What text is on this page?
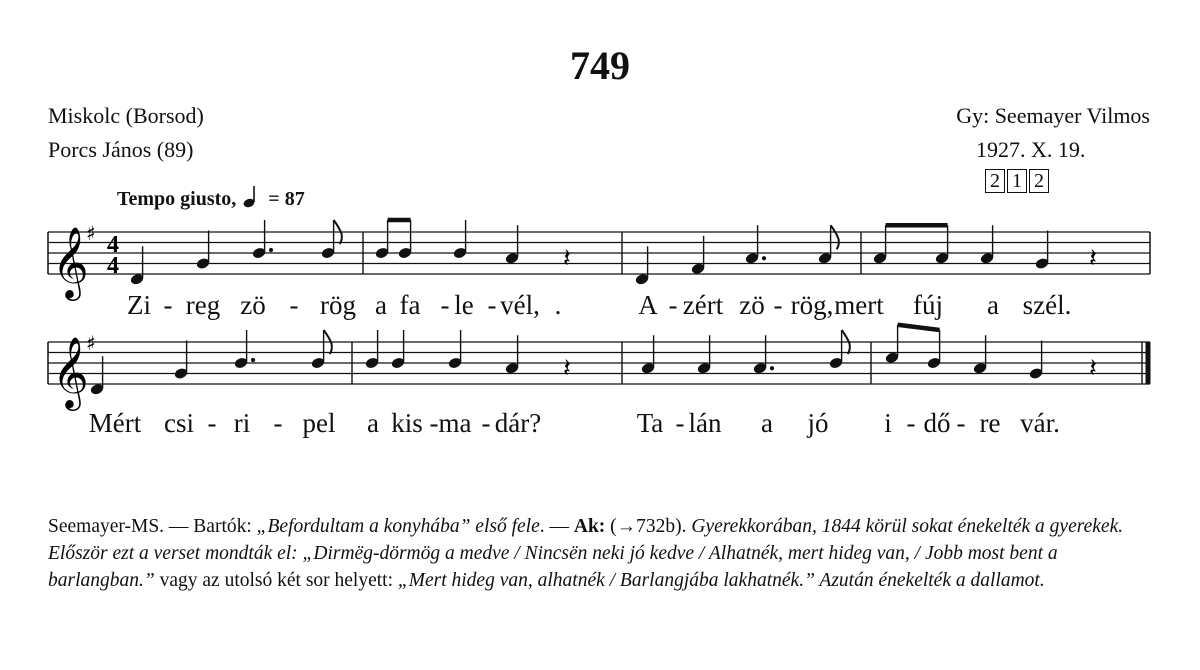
749
Miskolc (Borsod)
Porcs János (89)
Gy: Seemayer Vilmos
1927. X. 19.
2 1 2
Tempo giusto, = 87
𝄞
♯ 4
4	𝄽	𝄽
𝄞
♯
𝄽	𝄽
Zi - reg zö - rög a fa - le - vél, .	A - zért zö - rög, mert fúj a szél.
Mért csi - ri - pel a kis - ma - dár?	Ta - lán a jó i - dő - re vár.
Seemayer-MS. — Bartók: „Befordultam a konyhába” első fele. — Ak: (→732b). Gyerekkorában, 1844 körül sokat énekelték a gyerekek. Először ezt a verset mondták el: „Dirmëg-dörmög a medve / Nincsën neki jó kedve / Alhatnék, mert hideg van, / Jobb most bent a barlangban.” vagy az utolsó két sor helyett: „Mert hideg van, alhatnék / Barlangjába lakhatnék.” Azután énekelték a dallamot.
